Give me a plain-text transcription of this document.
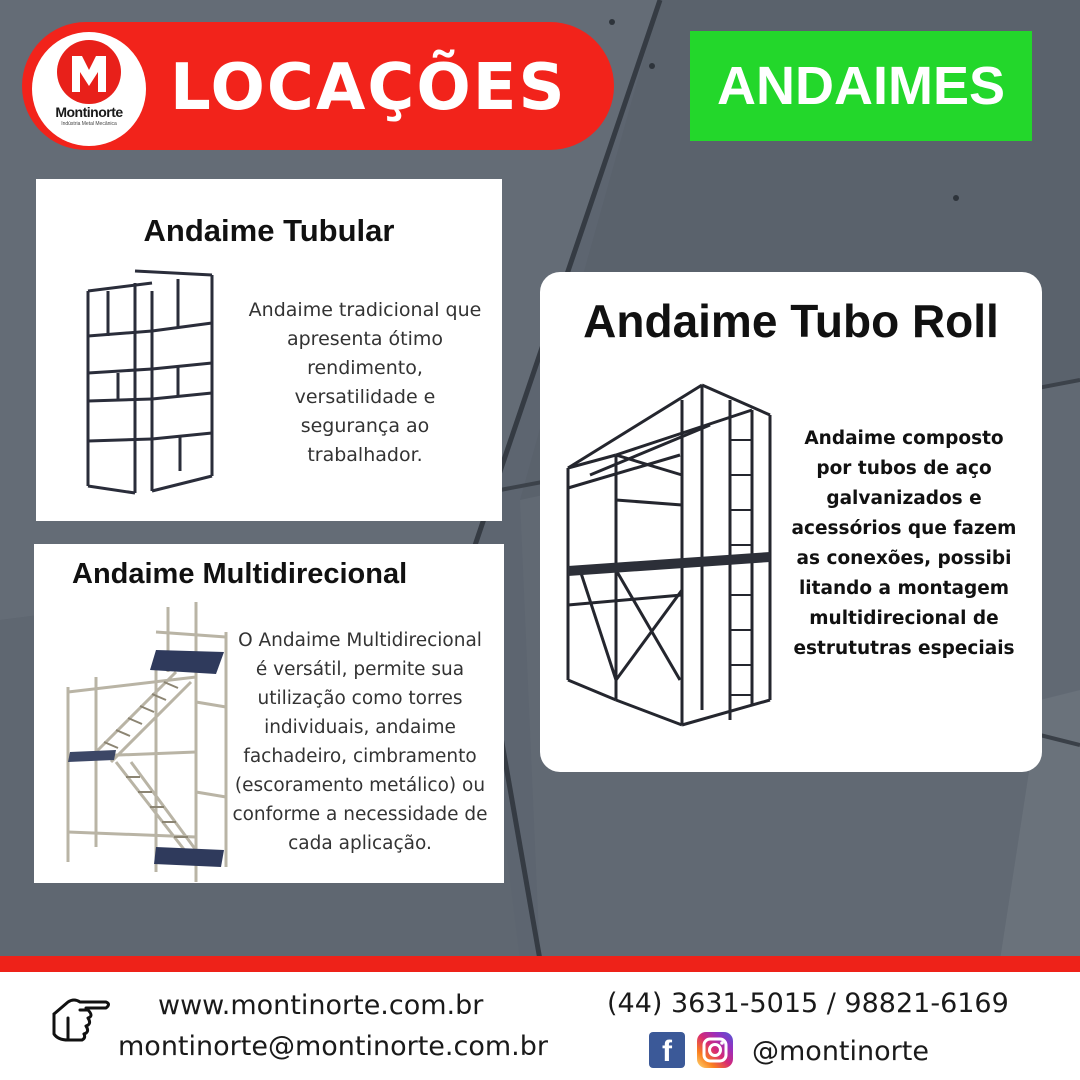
Montinorte
Indústria Metal Mecânica LOCAÇÕES	ANDAIMES
Andaime Tubular
Andaime tradicional que
apresenta ótimo
rendimento,
versatilidade e
segurança ao
trabalhador.
Andaime Multidirecional
O Andaime Multidirecional
é versátil, permite sua
utilização como torres
individuais, andaime
fachadeiro, cimbramento
(escoramento metálico) ou
conforme a necessidade de
cada aplicação.
Andaime Tubo Roll
Andaime composto
por tubos de aço
galvanizados e
acessórios que fazem
as conexões, possibi
litando a montagem
multidirecional de
estrututras especiais
www.montinorte.com.br
montinorte@montinorte.com.br
(44) 3631-5015 / 98821-6169
f	@montinorte
